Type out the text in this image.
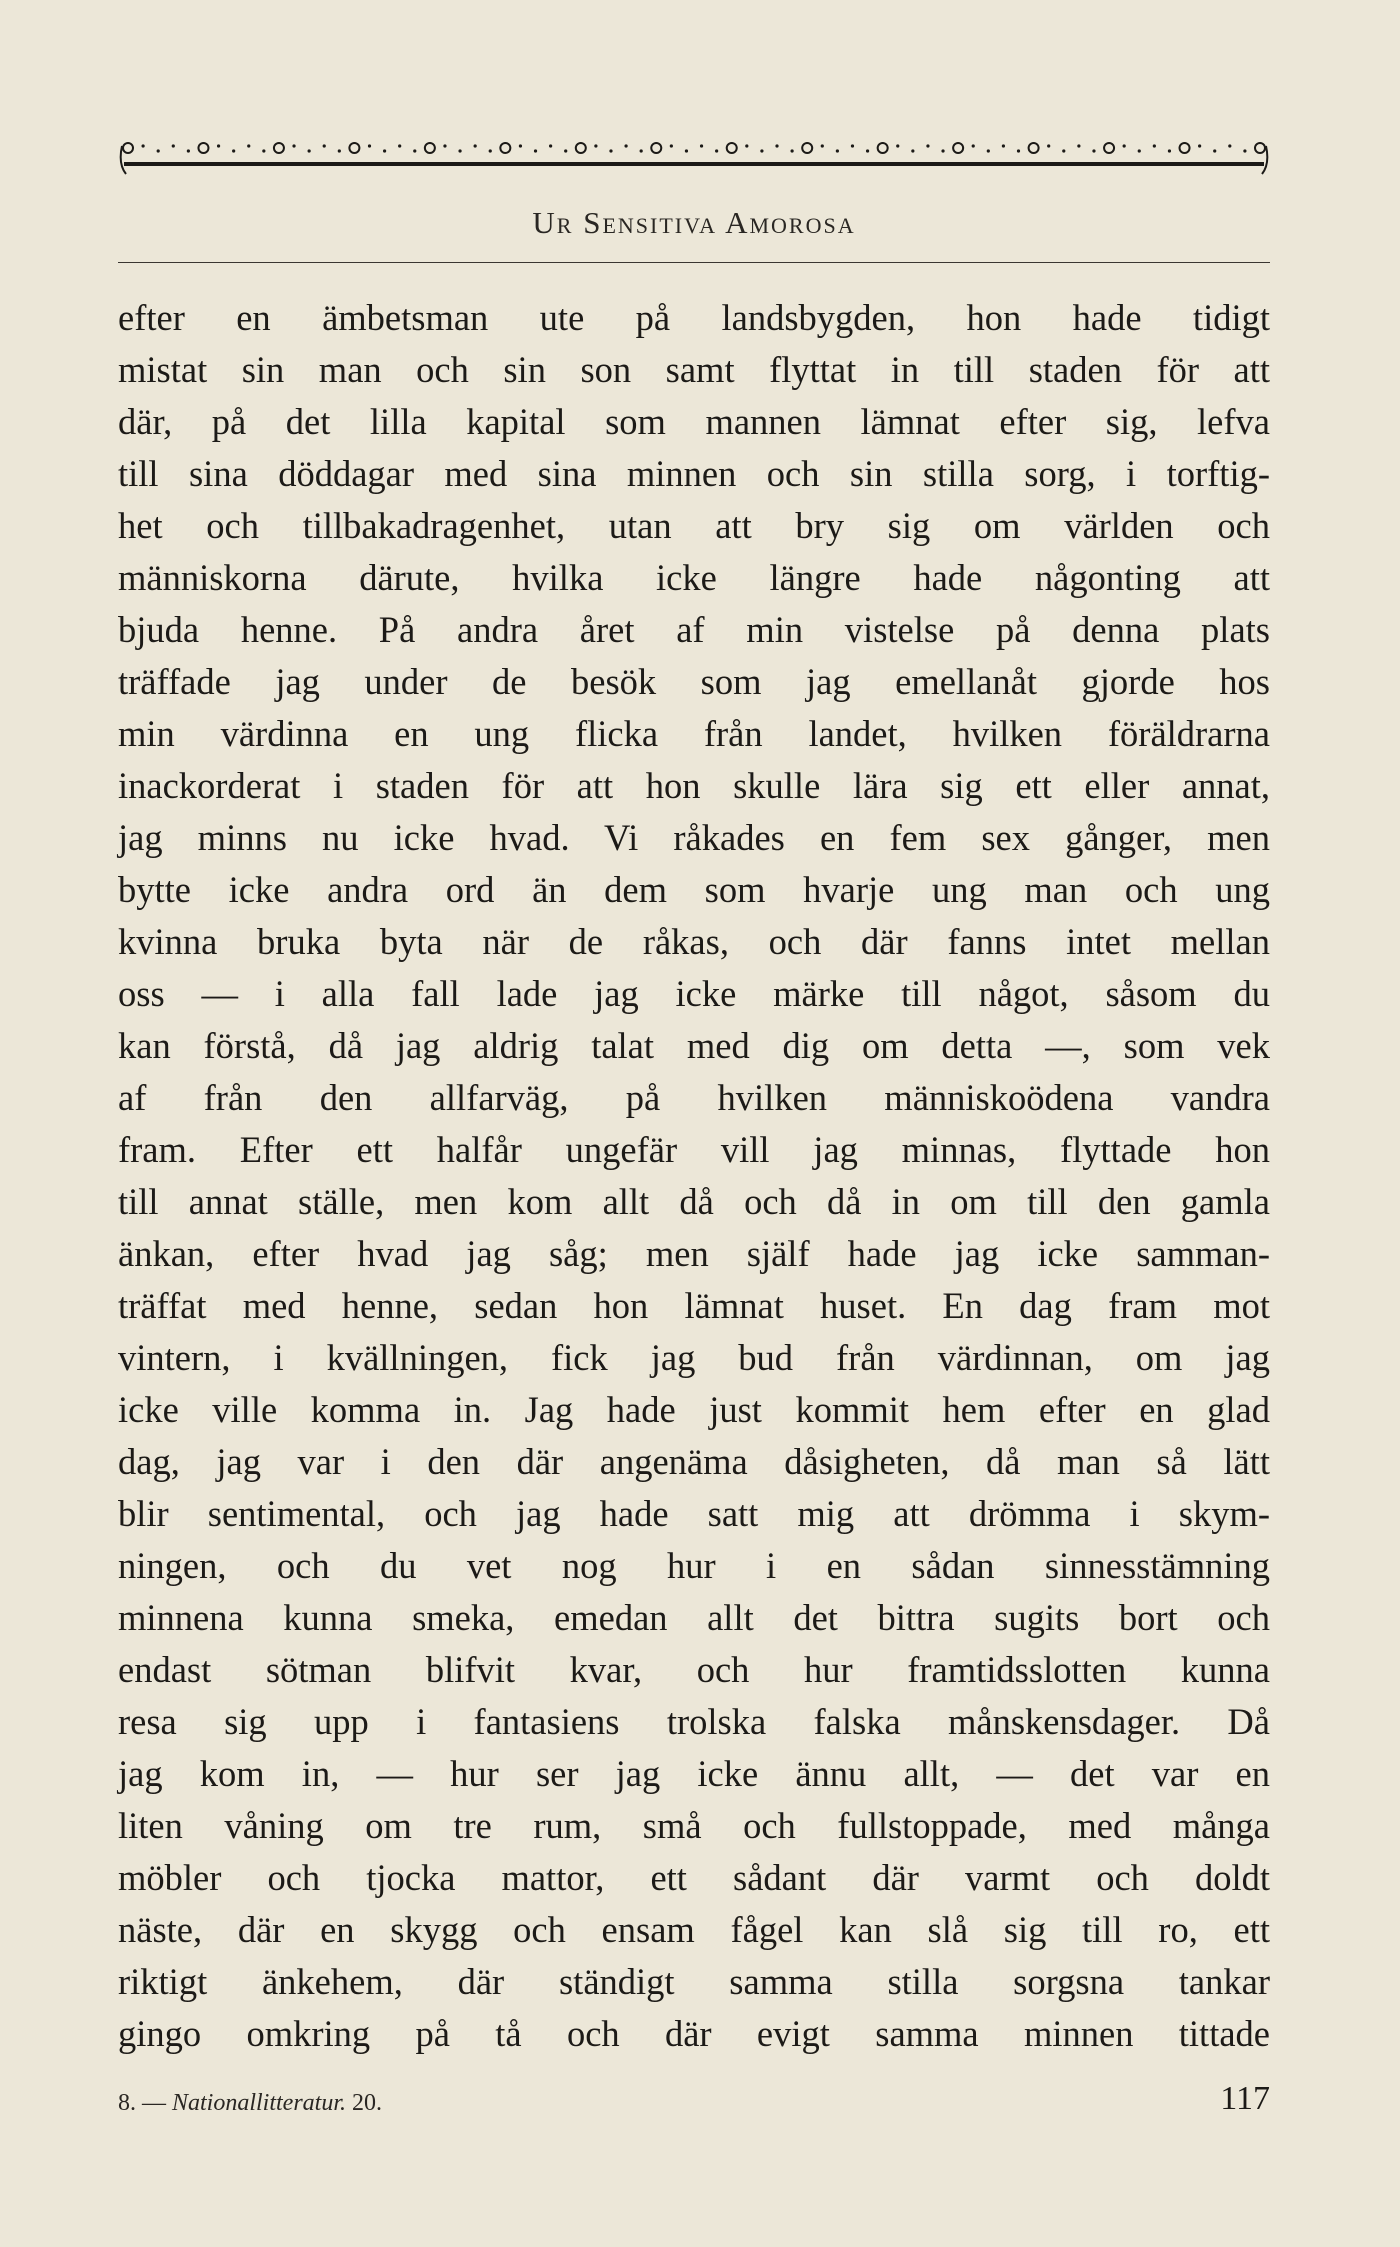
Ur Sensitiva Amorosa
efter en ämbetsman ute på landsbygden, hon hade tidigt
mistat sin man och sin son samt flyttat in till staden för att
där, på det lilla kapital som mannen lämnat efter sig, lefva
till sina döddagar med sina minnen och sin stilla sorg, i torftig-
het och tillbakadragenhet, utan att bry sig om världen och
människorna därute, hvilka icke längre hade någonting att
bjuda henne. På andra året af min vistelse på denna plats
träffade jag under de besök som jag emellanåt gjorde hos
min värdinna en ung flicka från landet, hvilken föräldrarna
inackorderat i staden för att hon skulle lära sig ett eller annat,
jag minns nu icke hvad. Vi råkades en fem sex gånger, men
bytte icke andra ord än dem som hvarje ung man och ung
kvinna bruka byta när de råkas, och där fanns intet mellan
oss — i alla fall lade jag icke märke till något, såsom du
kan förstå, då jag aldrig talat med dig om detta —, som vek
af från den allfarväg, på hvilken människoödena vandra
fram. Efter ett halfår ungefär vill jag minnas, flyttade hon
till annat ställe, men kom allt då och då in om till den gamla
änkan, efter hvad jag såg; men själf hade jag icke samman-
träffat med henne, sedan hon lämnat huset. En dag fram mot
vintern, i kvällningen, fick jag bud från värdinnan, om jag
icke ville komma in. Jag hade just kommit hem efter en glad
dag, jag var i den där angenäma dåsigheten, då man så lätt
blir sentimental, och jag hade satt mig att drömma i skym-
ningen, och du vet nog hur i en sådan sinnesstämning
minnena kunna smeka, emedan allt det bittra sugits bort och
endast sötman blifvit kvar, och hur framtidsslotten kunna
resa sig upp i fantasiens trolska falska månskensdager. Då
jag kom in, — hur ser jag icke ännu allt, — det var en
liten våning om tre rum, små och fullstoppade, med många
möbler och tjocka mattor, ett sådant där varmt och doldt
näste, där en skygg och ensam fågel kan slå sig till ro, ett
riktigt änkehem, där ständigt samma stilla sorgsna tankar
gingo omkring på tå och där evigt samma minnen tittade
8. — Nationallitteratur. 20.	117
